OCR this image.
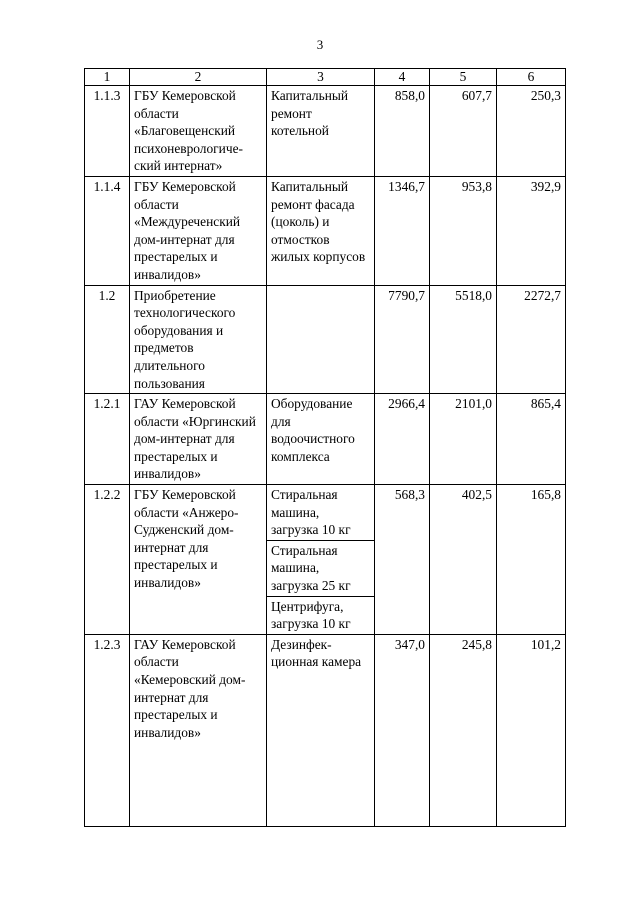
3
1	2	3	4	5	6
1.1.3	ГБУ Кемеровской области «Благовещенский психоневрологиче-ский интернат»	Капитальный ремонт котельной	858,0	607,7	250,3
1.1.4	ГБУ Кемеровской области «Междуреченский дом-интернат для престарелых и инвалидов»	Капитальный ремонт фасада (цоколь) и отмостков жилых корпусов	1346,7	953,8	392,9
1.2	Приобретение технологического оборудования и предметов длительного пользования		7790,7	5518,0	2272,7
1.2.1	ГАУ Кемеровской области «Юргинский дом-интернат для престарелых и инвалидов»	Оборудование для водоочистного комплекса	2966,4	2101,0	865,4
1.2.2	ГБУ Кемеровской области «Анжеро-Судженский дом-интернат для престарелых и инвалидов»	Стиральная машина, загрузка 10 кг	568,3	402,5	165,8
		Стиральная машина, загрузка 25 кг			
		Центрифуга, загрузка 10 кг			
1.2.3	ГАУ Кемеровской области «Кемеровский дом-интернат для престарелых и инвалидов»	Дезинфек-ционная камера	347,0	245,8	101,2
